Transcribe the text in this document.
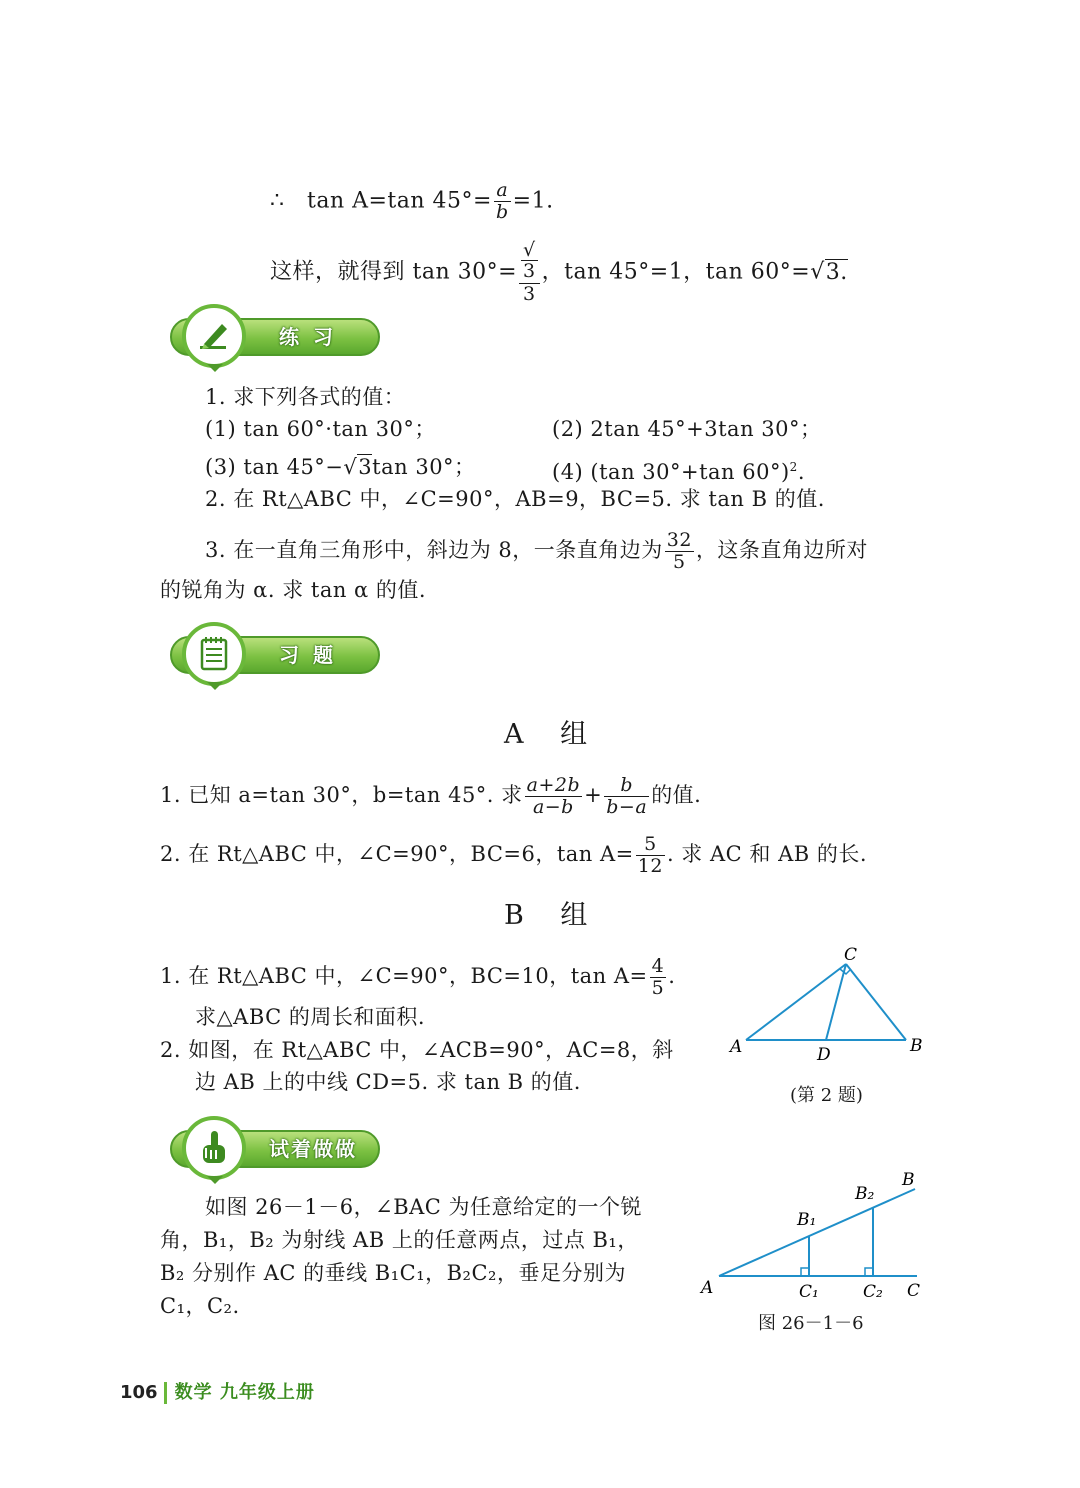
∴ tan A=tan $45^\circ= \frac{a}{b} =1$.
这样，就得到 tan 30°= √
3
3 ，tan 45°=1，tan 60°=√3.
练习
1. 求下列各式的值：
(1) tan 60°·tan 30°；	(2) 2tan 45°+3tan 30°；
(3) tan 45°−√3tan 30°；	(4) (tan 30°+tan 60°)$^2$.
2. 在 Rt△ABC 中，∠C=90°，AB=9，BC=5. 求 tan B 的值.
3. 在一直角三角形中，斜边为 8，一条直角边为 $\frac{32}{5}$ ，这条直角边所对
的锐角为 α. 求 tan α 的值.
习题
A 组
1. 已知 a=tan 30°，b=tan 45°. 求 $\frac{a+2b}{a-b} + \frac{b}{b-a}$ 的值.
2. 在 Rt△ABC 中，∠C=90°，BC=6，$\tan A= \frac{5}{12}$ . 求 AC 和 AB 的长.
B 组
1. 在 Rt△ABC 中，∠C=90°，BC=10，$\tan A= \frac{4}{5}$ .
求△ABC 的周长和面积.
2. 如图，在 Rt△ABC 中，∠ACB=90°，AC=8，斜
边 AB 上的中线 CD=5. 求 tan B 的值.
C
A	B
D
(第 2 题)
试着做做
如图 26－1－6，∠BAC 为任意给定的一个锐
角，B₁，B₂ 为射线 AB 上的任意两点，过点 B₁，
B₂ 分别作 AC 的垂线 B₁C₁，B₂C₂，垂足分别为
C₁，C₂.
A
B
C
B₁
B₂
C₁	C₂
图 26－1－6
106 数学 九年级上册
